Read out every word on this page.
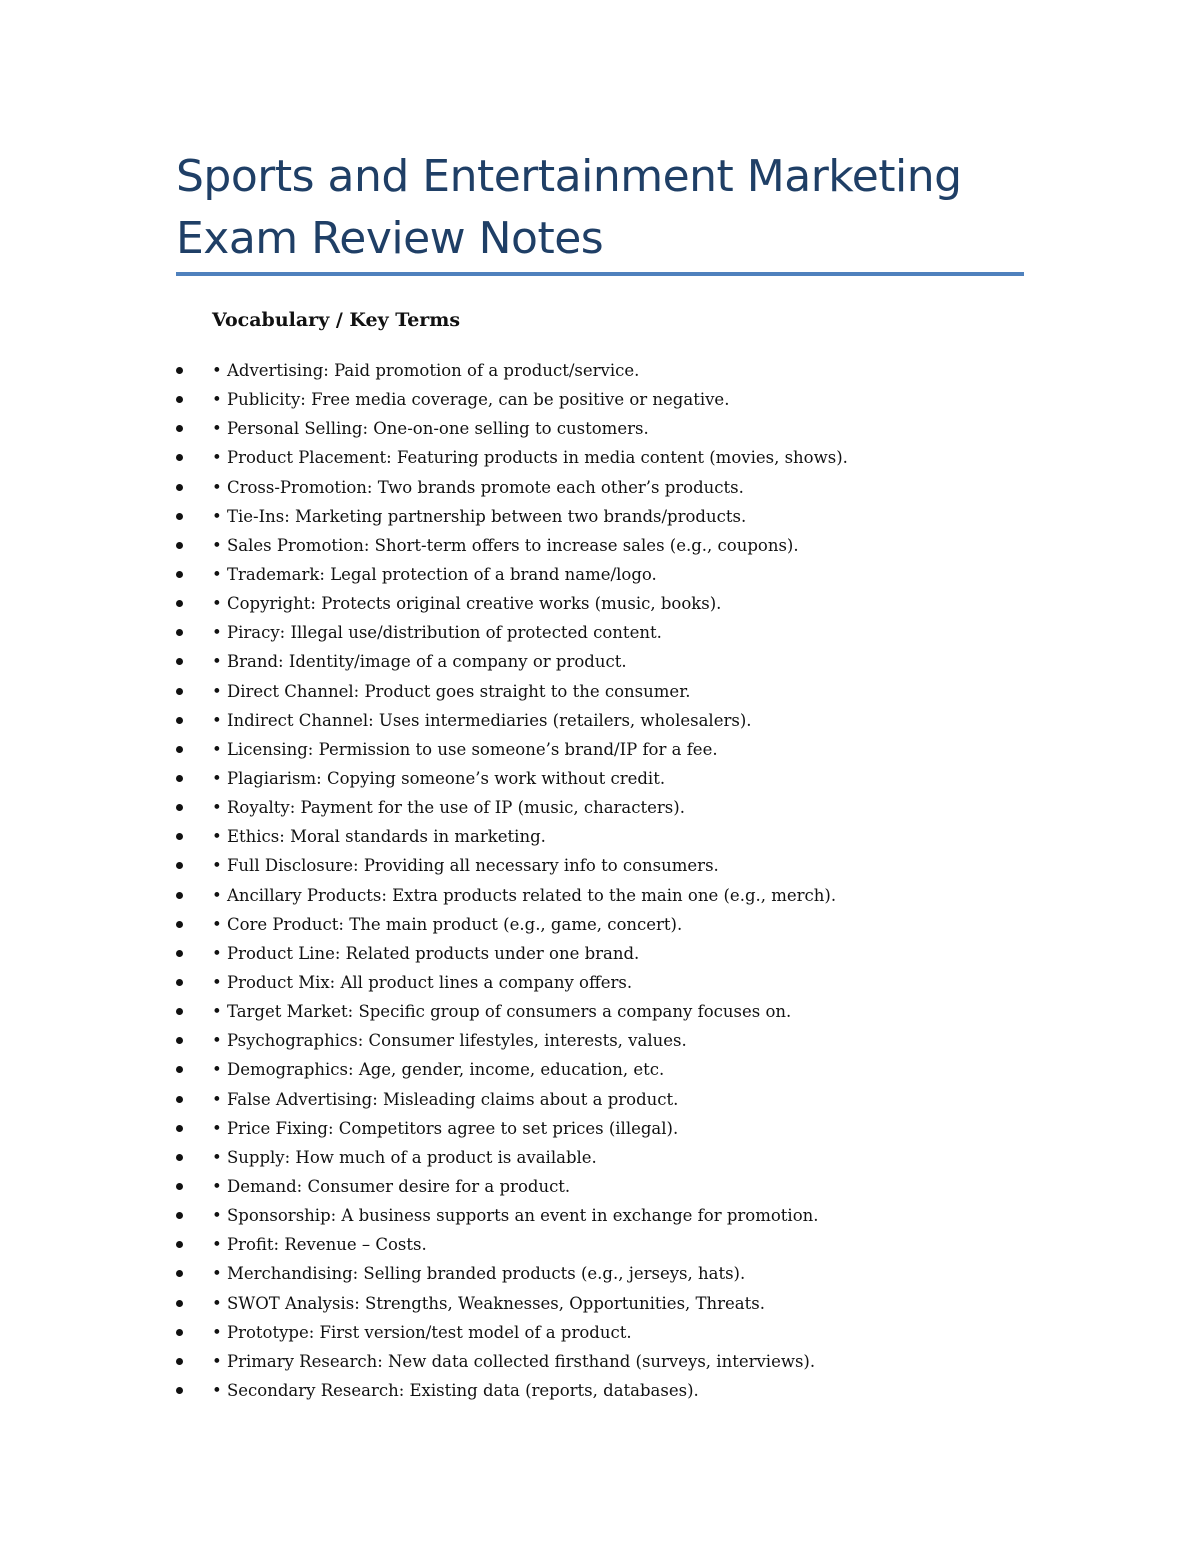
Sports and Entertainment Marketing
Exam Review Notes
Vocabulary / Key Terms
• Advertising: Paid promotion of a product/service.
• Publicity: Free media coverage, can be positive or negative.
• Personal Selling: One-on-one selling to customers.
• Product Placement: Featuring products in media content (movies, shows).
• Cross-Promotion: Two brands promote each other’s products.
• Tie-Ins: Marketing partnership between two brands/products.
• Sales Promotion: Short-term offers to increase sales (e.g., coupons).
• Trademark: Legal protection of a brand name/logo.
• Copyright: Protects original creative works (music, books).
• Piracy: Illegal use/distribution of protected content.
• Brand: Identity/image of a company or product.
• Direct Channel: Product goes straight to the consumer.
• Indirect Channel: Uses intermediaries (retailers, wholesalers).
• Licensing: Permission to use someone’s brand/IP for a fee.
• Plagiarism: Copying someone’s work without credit.
• Royalty: Payment for the use of IP (music, characters).
• Ethics: Moral standards in marketing.
• Full Disclosure: Providing all necessary info to consumers.
• Ancillary Products: Extra products related to the main one (e.g., merch).
• Core Product: The main product (e.g., game, concert).
• Product Line: Related products under one brand.
• Product Mix: All product lines a company offers.
• Target Market: Specific group of consumers a company focuses on.
• Psychographics: Consumer lifestyles, interests, values.
• Demographics: Age, gender, income, education, etc.
• False Advertising: Misleading claims about a product.
• Price Fixing: Competitors agree to set prices (illegal).
• Supply: How much of a product is available.
• Demand: Consumer desire for a product.
• Sponsorship: A business supports an event in exchange for promotion.
• Profit: Revenue – Costs.
• Merchandising: Selling branded products (e.g., jerseys, hats).
• SWOT Analysis: Strengths, Weaknesses, Opportunities, Threats.
• Prototype: First version/test model of a product.
• Primary Research: New data collected firsthand (surveys, interviews).
• Secondary Research: Existing data (reports, databases).
